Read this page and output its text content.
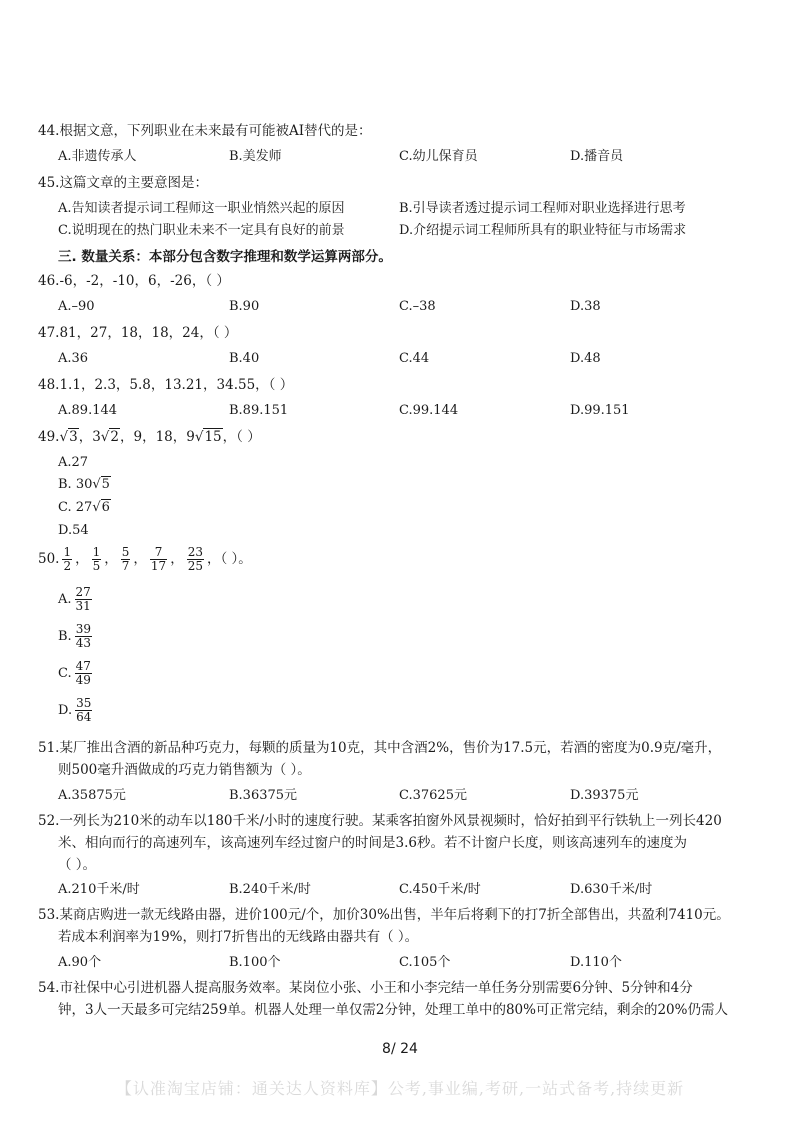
44.根据文意，下列职业在未来最有可能被AI替代的是：
A.非遗传承人	B.美发师	C.幼儿保育员	D.播音员
45.这篇文章的主要意图是：
A.告知读者提示词工程师这一职业悄然兴起的原因	B.引导读者透过提示词工程师对职业选择进行思考
C.说明现在的热门职业未来不一定具有良好的前景	D.介绍提示词工程师所具有的职业特征与市场需求
三. 数量关系：本部分包含数字推理和数学运算两部分。
46.-6，-2，-10，6，-26，（ ）
A.–90	B.90	C.–38	D.38
47.81，27，18，18，24，（ ）
A.36	B.40	C.44	D.48
48.1.1，2.3，5.8，13.21，34.55，（ ）
A.89.144	B.89.151	C.99.144	D.99.151
49.√3，3√2，9，18，9√15，（ ）
A.27
B. 30√5
C. 27√6
D.54
50. $\frac{1}{2}$ ， $\frac{1}{5}$ ， $\frac{5}{7}$ ， $\frac{7}{17}$ ， $\frac{23}{25}$ ，（ ）。
A. $\frac{27}{31}$
B. $\frac{39}{43}$
C. $\frac{47}{49}$
D. $\frac{35}{64}$
51.某厂推出含酒的新品种巧克力，每颗的质量为10克，其中含酒2%，售价为17.5元，若酒的密度为0.9克/毫升，
则500毫升酒做成的巧克力销售额为（ ）。
A.35875元	B.36375元	C.37625元	D.39375元
52.一列长为210米的动车以180千米/小时的速度行驶。某乘客拍窗外风景视频时，恰好拍到平行铁轨上一列长420
米、相向而行的高速列车，该高速列车经过窗户的时间是3.6秒。若不计窗户长度，则该高速列车的速度为
（ ）。
A.210千米/时	B.240千米/时	C.450千米/时	D.630千米/时
53.某商店购进一款无线路由器，进价100元/个，加价30%出售，半年后将剩下的打7折全部售出，共盈利7410元。
若成本利润率为19%，则打7折售出的无线路由器共有（ ）。
A.90个	B.100个	C.105个	D.110个
54.市社保中心引进机器人提高服务效率。某岗位小张、小王和小李完结一单任务分别需要6分钟、5分钟和4分
钟，3人一天最多可完结259单。机器人处理一单仅需2分钟，处理工单中的80%可正常完结，剩余的20%仍需人
8/ 24
【认准淘宝店铺：通关达人资料库】公考,事业编,考研,一站式备考,持续更新
